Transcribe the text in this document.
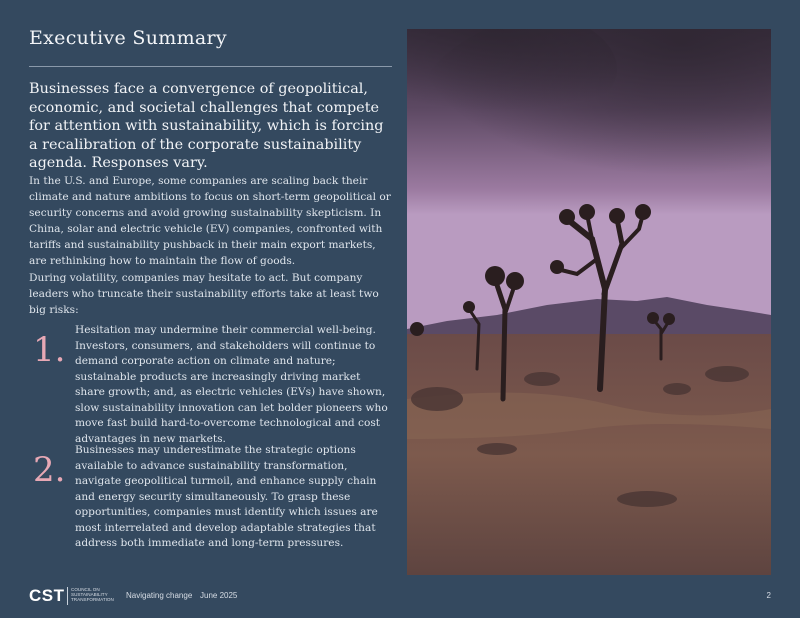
Executive Summary
Businesses face a convergence of geopolitical, economic, and societal challenges that compete for attention with sustainability, which is forcing a recalibration of the corporate sustainability agenda. Responses vary.
In the U.S. and Europe, some companies are scaling back their climate and nature ambitions to focus on short-term geopolitical or security concerns and avoid growing sustainability skepticism. In China, solar and electric vehicle (EV) companies, confronted with tariffs and sustainability pushback in their main export markets, are rethinking how to maintain the flow of goods.
During volatility, companies may hesitate to act. But company leaders who truncate their sustainability efforts take at least two big risks:
1. Hesitation may undermine their commercial well-being. Investors, consumers, and stakeholders will continue to demand corporate action on climate and nature; sustainable products are increasingly driving market share growth; and, as electric vehicles (EVs) have shown, slow sustainability innovation can let bolder pioneers who move fast build hard-to-overcome technological and cost advantages in new markets.
2. Businesses may underestimate the strategic options available to advance sustainability transformation, navigate geopolitical turmoil, and enhance supply chain and energy security simultaneously. To grasp these opportunities, companies must identify which issues are most interrelated and develop adaptable strategies that address both immediate and long-term pressures.
CST COUNCIL ON
SUSTAINABILITY
TRANSFORMATION	Navigating change June 2025	2
